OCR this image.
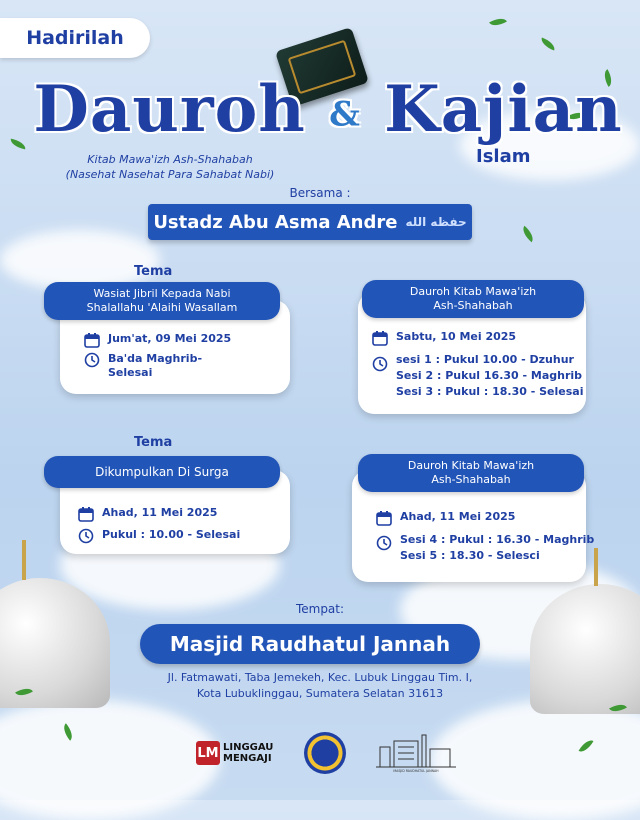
Hadirilah
Dauroh & Kajian
Islam
Kitab Mawa'izh Ash-Shahabah
(Nasehat Nasehat Para Sahabat Nabi)
Bersama :
Ustadz Abu Asma Andre حفظه الله
Tema
Tema
Wasiat Jibril Kepada Nabi
Shalallahu 'Alaihi Wasallam
Jum'at, 09 Mei 2025
Ba'da Maghrib-
Selesai
Dauroh Kitab Mawa'izh
Ash-Shahabah
Sabtu, 10 Mei 2025
sesi 1 : Pukul 10.00 - Dzuhur
Sesi 2 : Pukul 16.30 - Maghrib
Sesi 3 : Pukul : 18.30 - Selesai
Dikumpulkan Di Surga
Ahad, 11 Mei 2025
Pukul : 10.00 - Selesai
Dauroh Kitab Mawa'izh
Ash-Shahabah
Ahad, 11 Mei 2025
Sesi 4 : Pukul : 16.30 - Maghrib
Sesi 5 : 18.30 - Selesci
Tempat:
Masjid Raudhatul Jannah
Jl. Fatmawati, Taba Jemekeh, Kec. Lubuk Linggau Tim. I,
Kota Lubuklinggau, Sumatera Selatan 31613
LM LINGGAU
MENGAJI
MASJID RAUDHATUL JANNAH
